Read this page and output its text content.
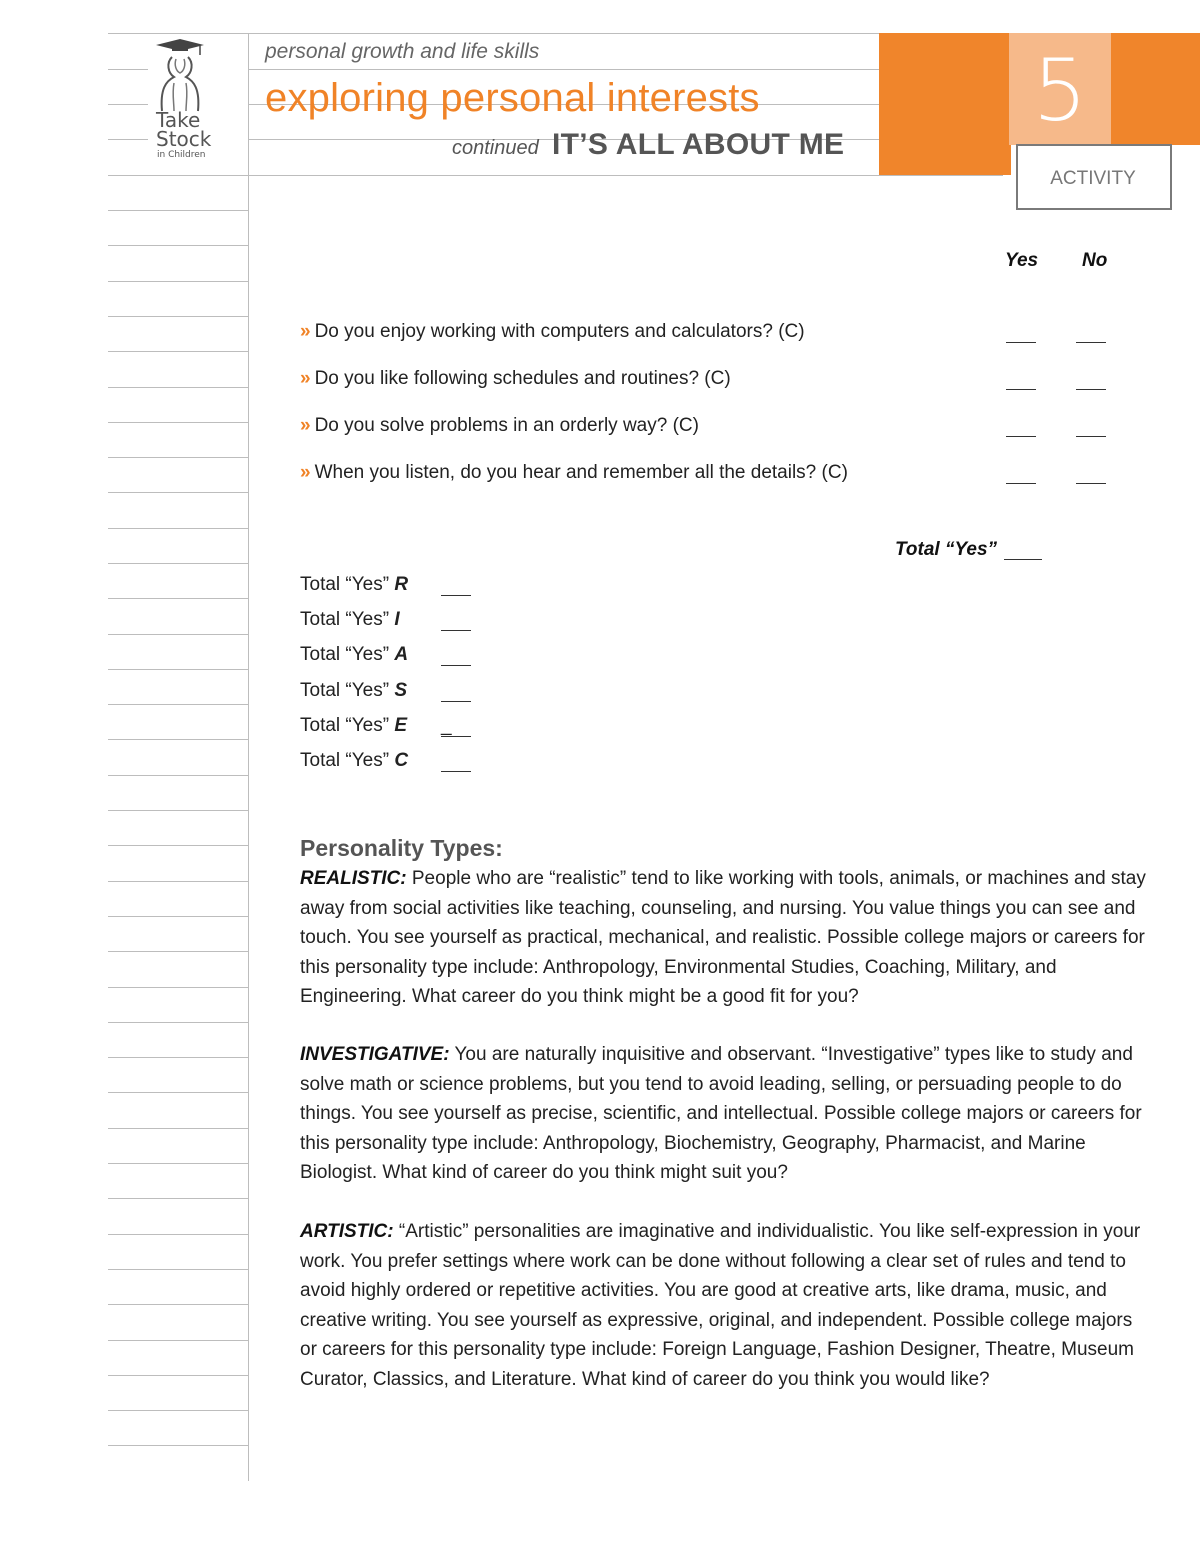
Take
Stock
in Children
personal growth and life skills
exploring personal interests
continued IT’S ALL ABOUT ME
5
ACTIVITY
Yes No
» Do you enjoy working with computers and calculators? (C)
» Do you like following schedules and routines? (C)
» Do you solve problems in an orderly way? (C)
» When you listen, do you hear and remember all the details? (C)
Total “Yes”
Total “Yes” R
Total “Yes” I
Total “Yes” A
Total “Yes” S
Total “Yes” E _
Total “Yes” C
Personality Types:
REALISTIC: People who are “realistic” tend to like working with tools, animals, or machines and stay away from social activities like teaching, counseling, and nursing. You value things you can see and touch. You see yourself as practical, mechanical, and realistic. Possible college majors or careers for this personality type include: Anthropology, Environmental Studies, Coaching, Military, and Engineering. What career do you think might be a good fit for you?
INVESTIGATIVE: You are naturally inquisitive and observant. “Investigative” types like to study and solve math or science problems, but you tend to avoid leading, selling, or persuading people to do things. You see yourself as precise, scientific, and intellectual. Possible college majors or careers for this personality type include: Anthropology, Biochemistry, Geography, Pharmacist, and Marine Biologist. What kind of career do you think might suit you?
ARTISTIC: “Artistic” personalities are imaginative and individualistic. You like self-expression in your work. You prefer settings where work can be done without following a clear set of rules and tend to avoid highly ordered or repetitive activities. You are good at creative arts, like drama, music, and creative writing. You see yourself as expressive, original, and independent. Possible college majors or careers for this personality type include: Foreign Language, Fashion Designer, Theatre, Museum Curator, Classics, and Literature. What kind of career do you think you would like?
